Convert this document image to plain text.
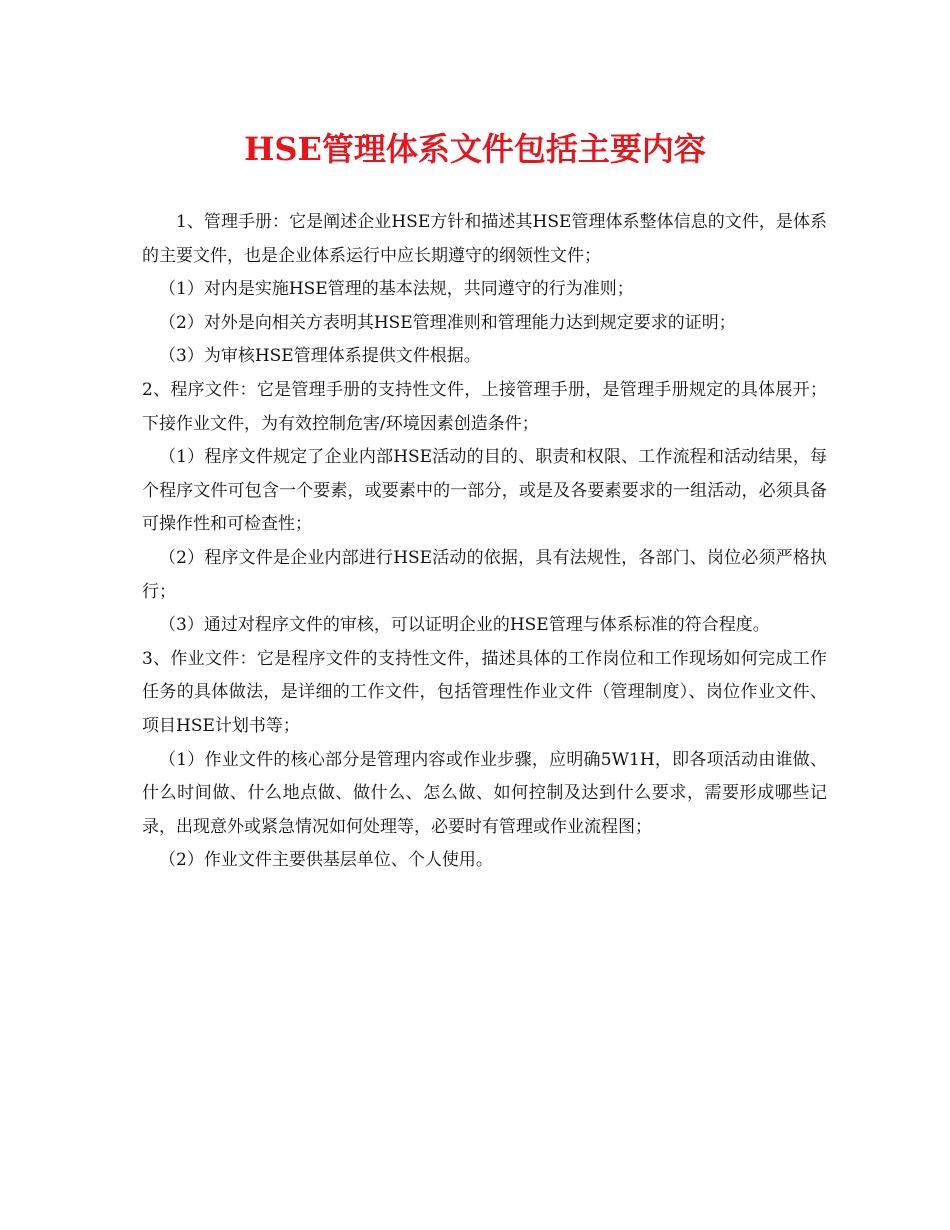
HSE管理体系文件包括主要内容

1、管理手册：它是阐述企业HSE方针和描述其HSE管理体系整体信息的文件，是体系的主要文件，也是企业体系运行中应长期遵守的纲领性文件；

（1）对内是实施HSE管理的基本法规，共同遵守的行为准则；

（2）对外是向相关方表明其HSE管理准则和管理能力达到规定要求的证明；

（3）为审核HSE管理体系提供文件根据。

2、程序文件：它是管理手册的支持性文件，上接管理手册，是管理手册规定的具体展开；下接作业文件，为有效控制危害/环境因素创造条件；

（1）程序文件规定了企业内部HSE活动的目的、职责和权限、工作流程和活动结果，每个程序文件可包含一个要素，或要素中的一部分，或是及各要素要求的一组活动，必须具备可操作性和可检查性；

（2）程序文件是企业内部进行HSE活动的依据，具有法规性，各部门、岗位必须严格执行；

（3）通过对程序文件的审核，可以证明企业的HSE管理与体系标准的符合程度。

3、作业文件：它是程序文件的支持性文件，描述具体的工作岗位和工作现场如何完成工作任务的具体做法，是详细的工作文件，包括管理性作业文件（管理制度）、岗位作业文件、项目HSE计划书等；

（1）作业文件的核心部分是管理内容或作业步骤，应明确5W1H，即各项活动由谁做、什么时间做、什么地点做、做什么、怎么做、如何控制及达到什么要求，需要形成哪些记录，出现意外或紧急情况如何处理等，必要时有管理或作业流程图；

（2）作业文件主要供基层单位、个人使用。
